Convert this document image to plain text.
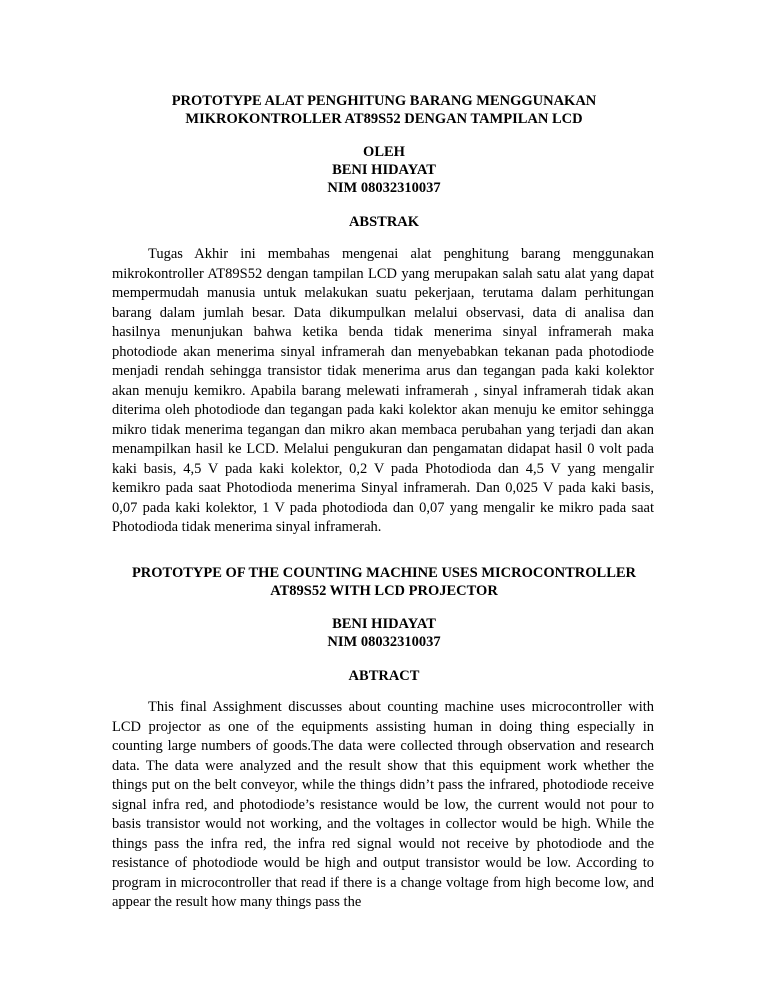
PROTOTYPE ALAT PENGHITUNG BARANG MENGGUNAKAN

MIKROKONTROLLER AT89S52 DENGAN TAMPILAN LCD

OLEH

BENI HIDAYAT

NIM 08032310037

ABSTRAK

Tugas Akhir ini membahas mengenai alat penghitung barang menggunakan mikrokontroller AT89S52 dengan tampilan LCD yang merupakan salah satu alat yang dapat mempermudah manusia untuk melakukan suatu pekerjaan, terutama dalam perhitungan barang dalam jumlah besar. Data dikumpulkan melalui observasi, data di analisa dan hasilnya menunjukan bahwa ketika benda tidak menerima sinyal inframerah maka photodiode akan menerima sinyal inframerah dan menyebabkan tekanan pada photodiode menjadi rendah sehingga transistor tidak menerima arus dan tegangan pada kaki kolektor akan menuju kemikro. Apabila barang melewati inframerah , sinyal inframerah tidak akan diterima oleh photodiode dan tegangan pada kaki kolektor akan menuju ke emitor sehingga mikro tidak menerima tegangan dan mikro akan membaca perubahan yang terjadi dan akan menampilkan hasil ke LCD. Melalui pengukuran dan pengamatan didapat hasil 0 volt pada kaki basis, 4,5 V pada kaki kolektor, 0,2 V pada Photodioda dan 4,5 V yang mengalir kemikro pada saat Photodioda menerima Sinyal inframerah. Dan 0,025 V pada kaki basis, 0,07 pada kaki kolektor, 1 V pada photodioda dan 0,07 yang mengalir ke mikro pada saat Photodioda tidak menerima sinyal inframerah.

PROTOTYPE OF THE COUNTING MACHINE USES MICROCONTROLLER

AT89S52 WITH LCD PROJECTOR

BENI HIDAYAT

NIM 08032310037

ABTRACT

This final Assighment discusses about counting machine uses microcontroller with LCD projector as one of the equipments assisting human in doing thing especially in counting large numbers of goods.The data were collected through observation and research data. The data were analyzed and the result show that this equipment work whether the things put on the belt conveyor, while the things didn’t pass the infrared, photodiode receive signal infra red, and photodiode’s resistance would be low, the current would not pour to basis transistor would not working, and the voltages in collector would be high. While the things pass the infra red, the infra red signal would not receive by photodiode and the resistance of photodiode would be high and output transistor would be low. According to program in microcontroller that read if there is a change voltage from high become low, and appear the result how many things pass the
